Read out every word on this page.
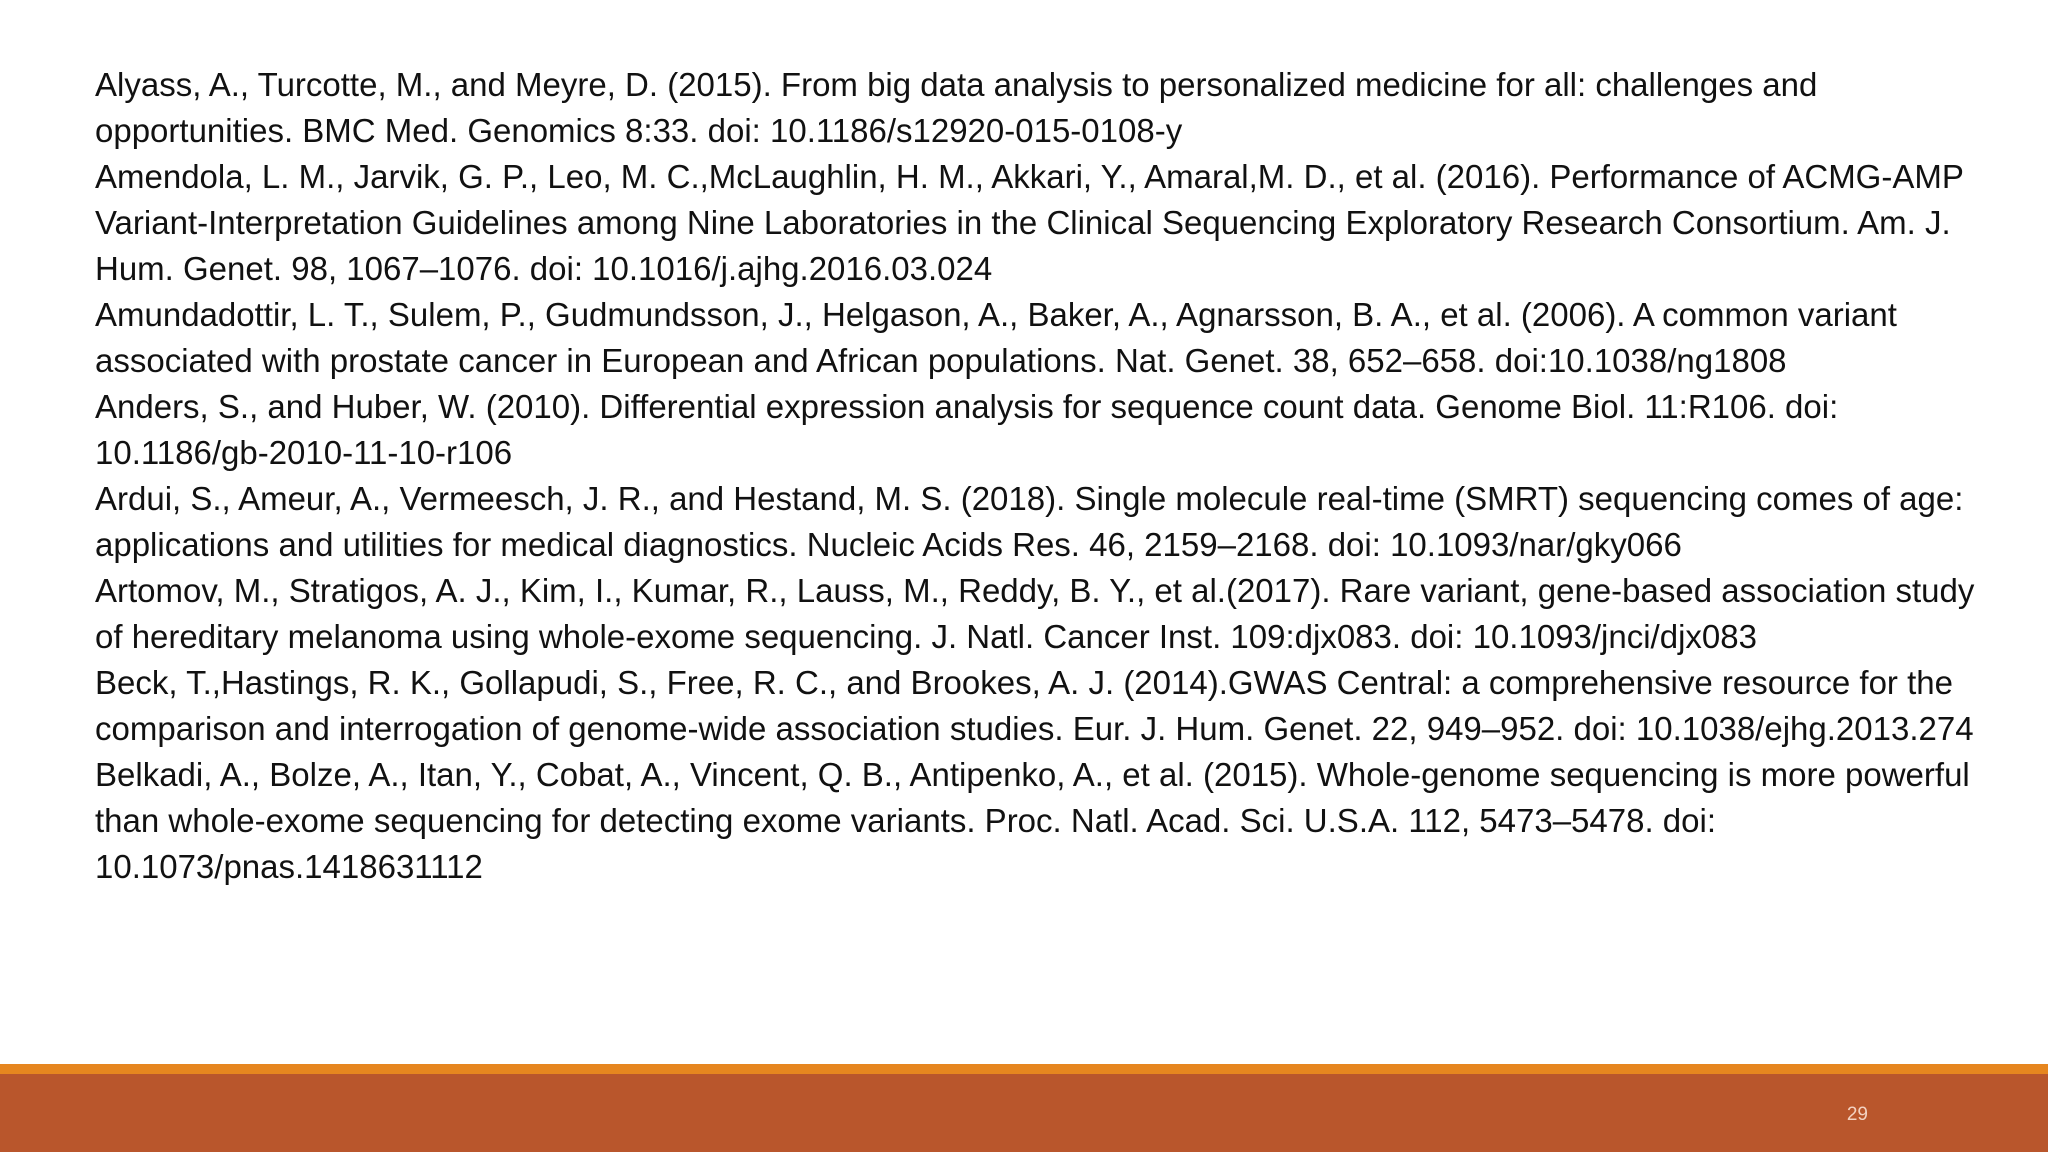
Alyass, A., Turcotte, M., and Meyre, D. (2015). From big data analysis to personalized medicine for all: challenges and opportunities. BMC Med. Genomics 8:33. doi: 10.1186/s12920-015-0108-y
Amendola, L. M., Jarvik, G. P., Leo, M. C.,McLaughlin, H. M., Akkari, Y., Amaral,M. D., et al. (2016). Performance of ACMG-AMP Variant-Interpretation Guidelines among Nine Laboratories in the Clinical Sequencing Exploratory Research Consortium. Am. J. Hum. Genet. 98, 1067–1076. doi: 10.1016/j.ajhg.2016.03.024
Amundadottir, L. T., Sulem, P., Gudmundsson, J., Helgason, A., Baker, A., Agnarsson, B. A., et al. (2006). A common variant associated with prostate cancer in European and African populations. Nat. Genet. 38, 652–658. doi:10.1038/ng1808
Anders, S., and Huber, W. (2010). Differential expression analysis for sequence count data. Genome Biol. 11:R106. doi: 10.1186/gb-2010-11-10-r106
Ardui, S., Ameur, A., Vermeesch, J. R., and Hestand, M. S. (2018). Single molecule real-time (SMRT) sequencing comes of age: applications and utilities for medical diagnostics. Nucleic Acids Res. 46, 2159–2168. doi: 10.1093/nar/gky066
Artomov, M., Stratigos, A. J., Kim, I., Kumar, R., Lauss, M., Reddy, B. Y., et al.(2017). Rare variant, gene-based association study of hereditary melanoma using whole-exome sequencing. J. Natl. Cancer Inst. 109:djx083. doi: 10.1093/jnci/djx083
Beck, T.,Hastings, R. K., Gollapudi, S., Free, R. C., and Brookes, A. J. (2014).GWAS Central: a comprehensive resource for the comparison and interrogation of genome-wide association studies. Eur. J. Hum. Genet. 22, 949–952. doi: 10.1038/ejhg.2013.274
Belkadi, A., Bolze, A., Itan, Y., Cobat, A., Vincent, Q. B., Antipenko, A., et al. (2015). Whole-genome sequencing is more powerful than whole-exome sequencing for detecting exome variants. Proc. Natl. Acad. Sci. U.S.A. 112, 5473–5478. doi: 10.1073/pnas.1418631112
29
